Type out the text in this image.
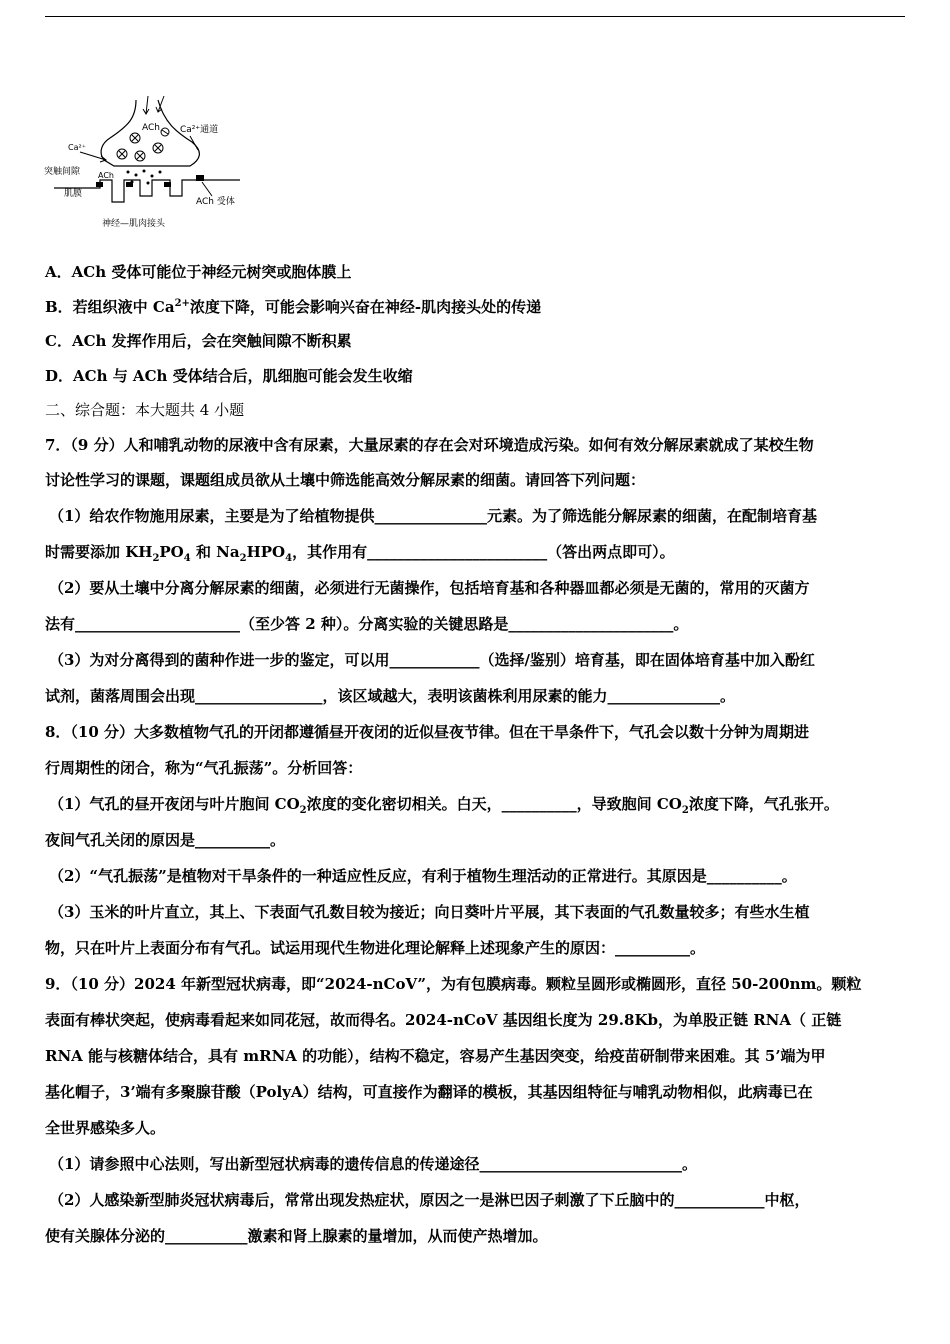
ACh Ca²⁺通道
Ca²⁺
突触间隙 ACh
肌膜
ACh 受体
神经—肌肉接头
A．ACh 受体可能位于神经元树突或胞体膜上
B．若组织液中 $Ca^{2+}$浓度下降，可能会影响兴奋在神经-肌肉接头处的传递
C．ACh 发挥作用后，会在突触间隙不断积累
D．ACh 与 ACh 受体结合后，肌细胞可能会发生收缩
二、综合题：本大题共 4 小题
7．（9 分）人和哺乳动物的尿液中含有尿素，大量尿素的存在会对环境造成污染。如何有效分解尿素就成了某校生物
讨论性学习的课题，课题组成员欲从土壤中筛选能高效分解尿素的细菌。请回答下列问题：
（1）给农作物施用尿素，主要是为了给植物提供_______________元素。为了筛选能分解尿素的细菌，在配制培育基
时需要添加 $KH_2PO_4$ 和 $Na_2HPO_4$，其作用有________________________（答出两点即可）。
（2）要从土壤中分离分解尿素的细菌，必须进行无菌操作，包括培育基和各种器皿都必须是无菌的，常用的灭菌方
法有______________________（至少答 2 种）。分离实验的关键思路是______________________。
（3）为对分离得到的菌种作进一步的鉴定，可以用____________（选择/鉴别）培育基，即在固体培育基中加入酚红
试剂，菌落周围会出现_________________，该区域越大，表明该菌株利用尿素的能力_______________。
8．（10 分）大多数植物气孔的开闭都遵循昼开夜闭的近似昼夜节律。但在干旱条件下，气孔会以数十分钟为周期进
行周期性的闭合，称为“气孔振荡”。分析回答：
（1）气孔的昼开夜闭与叶片胞间 $CO_2$浓度的变化密切相关。白天，__________，导致胞间 $CO_2$浓度下降，气孔张开。
夜间气孔关闭的原因是__________。
（2）“气孔振荡”是植物对干旱条件的一种适应性反应，有利于植物生理活动的正常进行。其原因是__________。
（3）玉米的叶片直立，其上、下表面气孔数目较为接近；向日葵叶片平展，其下表面的气孔数量较多；有些水生植
物，只在叶片上表面分布有气孔。试运用现代生物进化理论解释上述现象产生的原因：__________。
9．（10 分）2024 年新型冠状病毒，即“2024-nCoV”，为有包膜病毒。颗粒呈圆形或椭圆形，直径 50-200nm。颗粒
表面有棒状突起，使病毒看起来如同花冠，故而得名。2024-nCoV 基因组长度为 29.8Kb，为单股正链 RNA（ 正链
RNA 能与核糖体结合，具有 mRNA 的功能），结构不稳定，容易产生基因突变，给疫苗研制带来困难。其 5’端为甲
基化帽子，3’端有多聚腺苷酸（PolyA）结构，可直接作为翻译的模板，其基因组特征与哺乳动物相似，此病毒已在
全世界感染多人。
（1）请参照中心法则，写出新型冠状病毒的遗传信息的传递途径___________________________。
（2）人感染新型肺炎冠状病毒后，常常出现发热症状，原因之一是淋巴因子刺激了下丘脑中的____________中枢，
使有关腺体分泌的___________激素和肾上腺素的量增加，从而使产热增加。
